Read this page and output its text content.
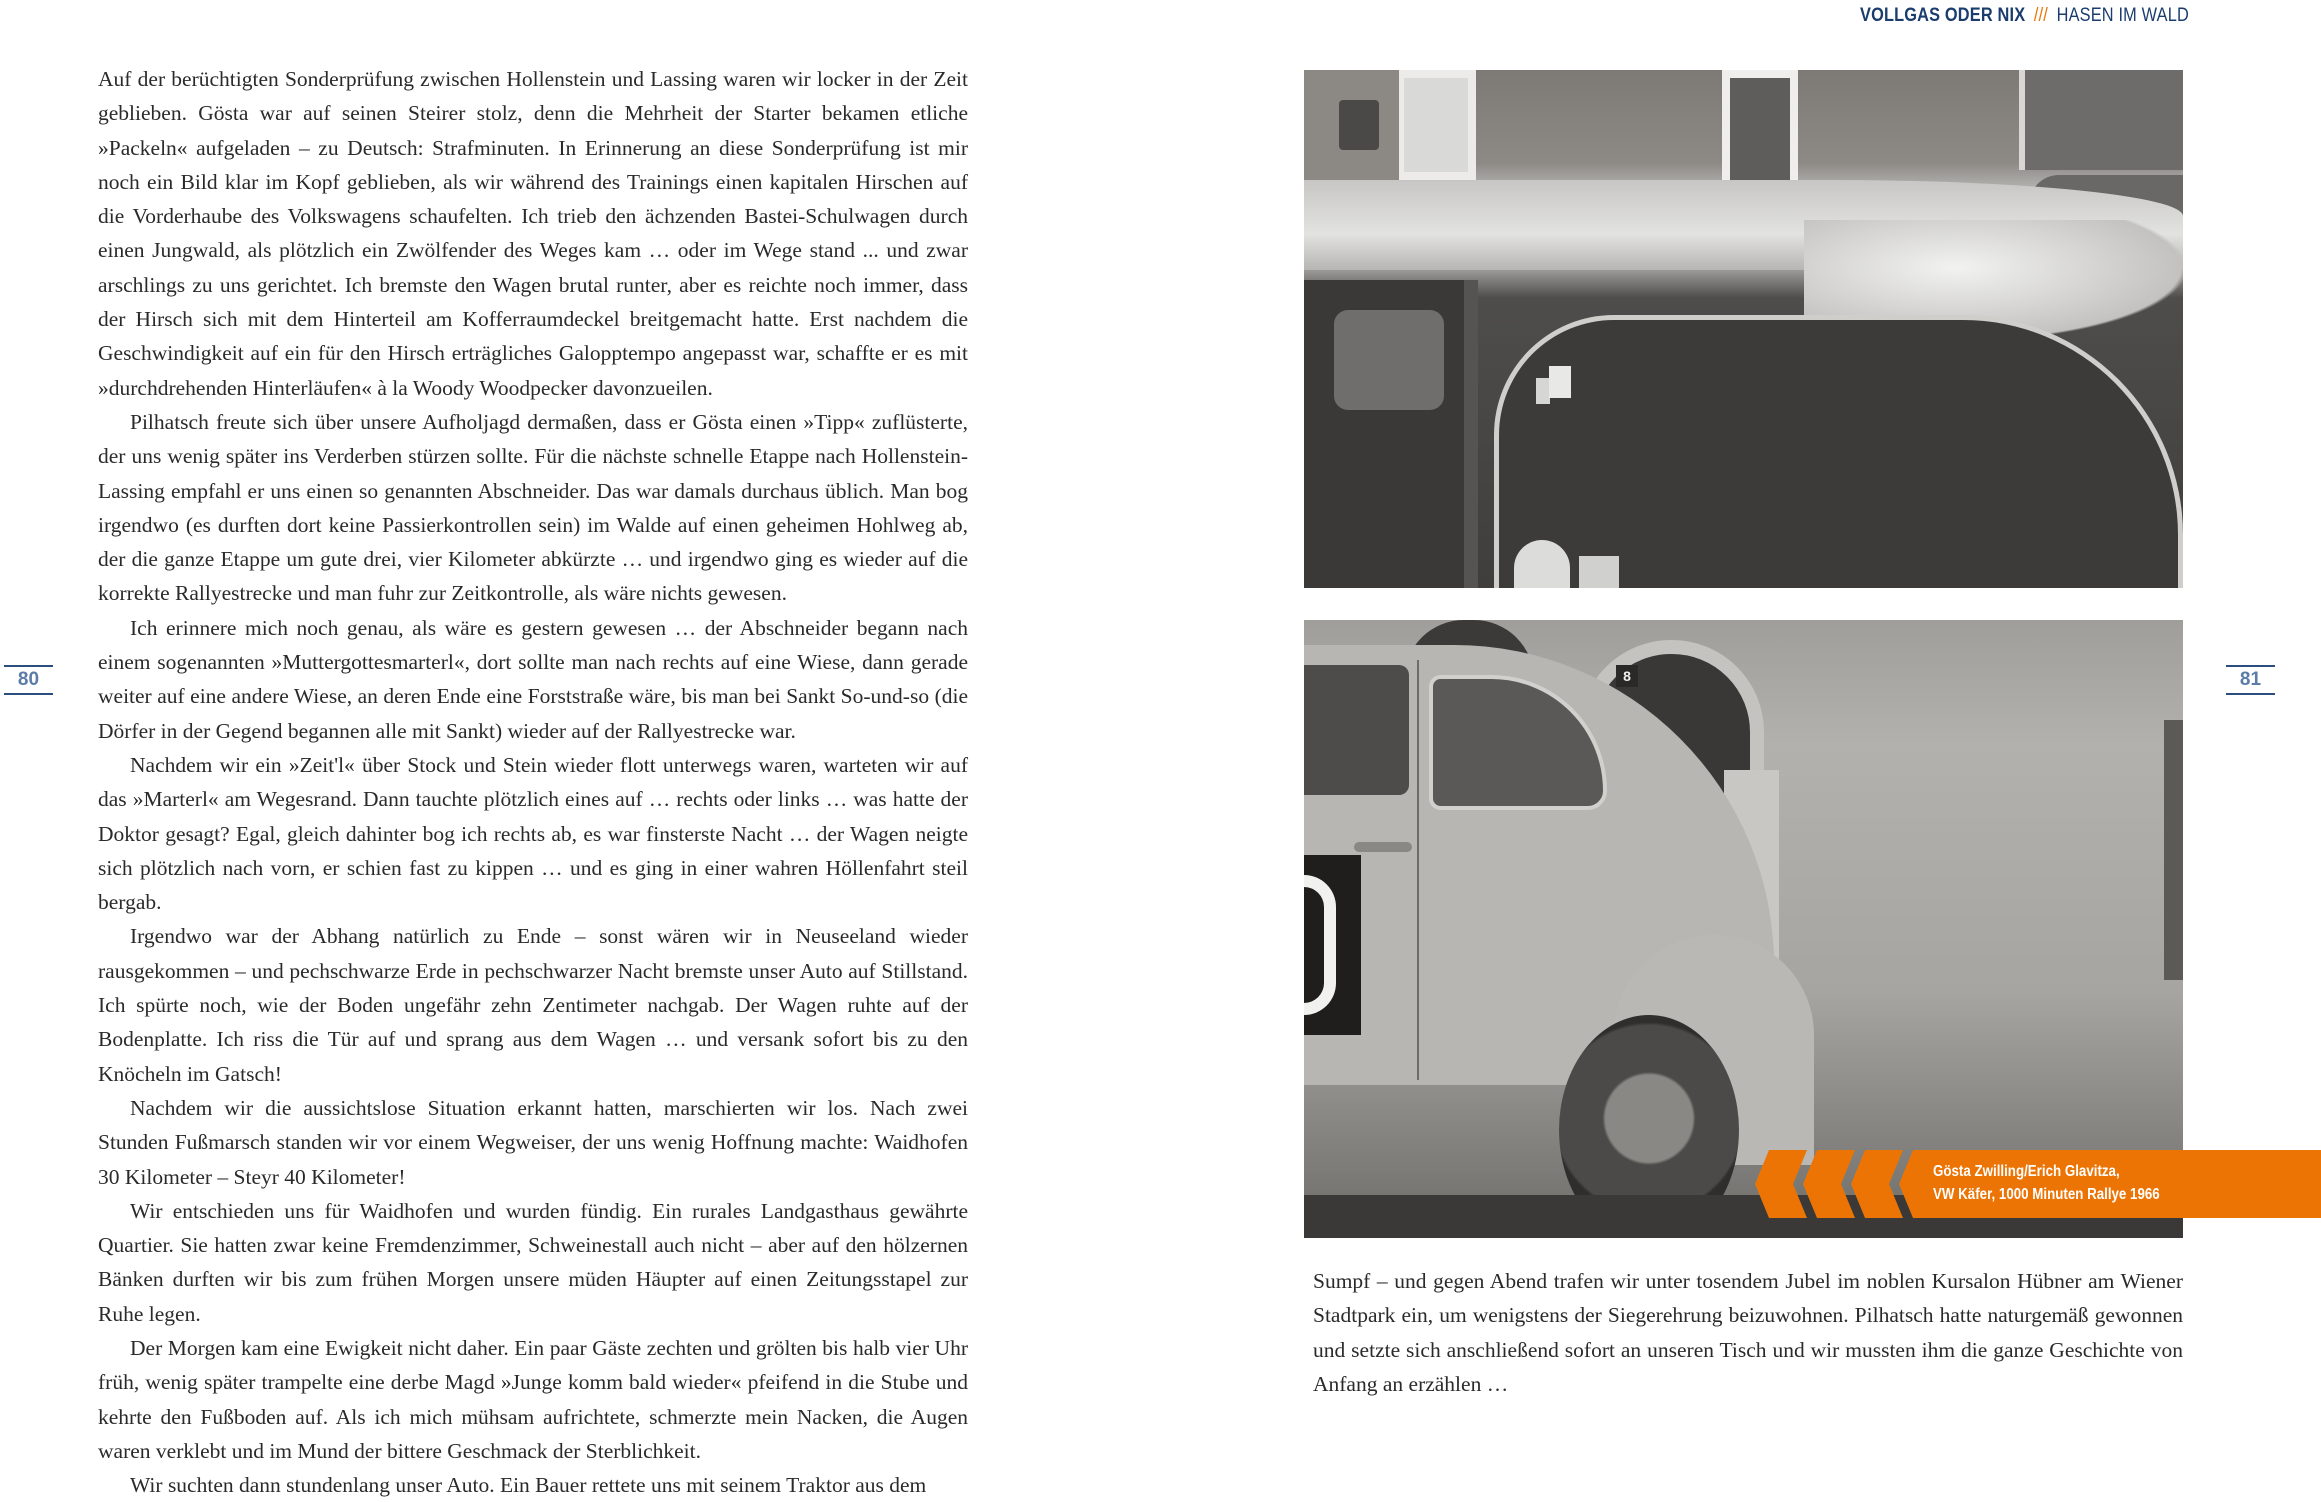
VOLLGAS ODER NIX /// HASEN IM WALD
80	81

Auf der berüchtigten Sonderprüfung zwischen Hollenstein und Lassing waren wir locker in der Zeit geblieben. Gösta war auf seinen Steirer stolz, denn die Mehrheit der Starter bekamen etliche »Packeln« aufgeladen – zu Deutsch: Strafminuten. In Erinnerung an diese Sonderprüfung ist mir noch ein Bild klar im Kopf geblieben, als wir während des Trainings einen kapitalen Hirschen auf die Vorderhaube des Volkswagens schaufelten. Ich trieb den ächzenden Bastei-Schulwagen durch einen Jungwald, als plötzlich ein Zwölfender des Weges kam … oder im Wege stand ... und zwar arschlings zu uns gerichtet. Ich bremste den Wagen brutal runter, aber es reichte noch immer, dass der Hirsch sich mit dem Hinterteil am Kofferraumdeckel breitgemacht hatte. Erst nachdem die Geschwindigkeit auf ein für den Hirsch erträgliches Galopptempo angepasst war, schaffte er es mit »durchdrehenden Hinterläufen« à la Woody Woodpecker davonzueilen.

Pilhatsch freute sich über unsere Aufholjagd dermaßen, dass er Gösta einen »Tipp« zuflüsterte, der uns wenig später ins Verderben stürzen sollte. Für die nächste schnelle Etappe nach Hollenstein-Lassing empfahl er uns einen so genannten Abschneider. Das war damals durchaus üblich. Man bog irgendwo (es durften dort keine Passierkontrollen sein) im Walde auf einen geheimen Hohlweg ab, der die ganze Etappe um gute drei, vier Kilometer abkürzte … und irgendwo ging es wieder auf die korrekte Rallyestrecke und man fuhr zur Zeitkontrolle, als wäre nichts gewesen.

Ich erinnere mich noch genau, als wäre es gestern gewesen … der Abschneider begann nach einem sogenannten »Muttergottesmarterl«, dort sollte man nach rechts auf eine Wiese, dann gerade weiter auf eine andere Wiese, an deren Ende eine Forststraße wäre, bis man bei Sankt So-und-so (die Dörfer in der Gegend begannen alle mit Sankt) wieder auf der Rallyestrecke war.

Nachdem wir ein »Zeit'l« über Stock und Stein wieder flott unterwegs waren, warteten wir auf das »Marterl« am Wegesrand. Dann tauchte plötzlich eines auf … rechts oder links … was hatte der Doktor gesagt? Egal, gleich dahinter bog ich rechts ab, es war finsterste Nacht … der Wagen neigte sich plötzlich nach vorn, er schien fast zu kippen … und es ging in einer wahren Höllenfahrt steil bergab.

Irgendwo war der Abhang natürlich zu Ende – sonst wären wir in Neuseeland wieder rausgekommen – und pechschwarze Erde in pechschwarzer Nacht bremste unser Auto auf Stillstand. Ich spürte noch, wie der Boden ungefähr zehn Zentimeter nachgab. Der Wagen ruhte auf der Bodenplatte. Ich riss die Tür auf und sprang aus dem Wagen … und versank sofort bis zu den Knöcheln im Gatsch!

Nachdem wir die aussichtslose Situation erkannt hatten, marschierten wir los. Nach zwei Stunden Fußmarsch standen wir vor einem Wegweiser, der uns wenig Hoffnung machte: Waidhofen 30 Kilometer – Steyr 40 Kilometer!

Wir entschieden uns für Waidhofen und wurden fündig. Ein rurales Landgasthaus gewährte Quartier. Sie hatten zwar keine Fremdenzimmer, Schweinestall auch nicht – aber auf den hölzernen Bänken durften wir bis zum frühen Morgen unsere müden Häupter auf einen Zeitungsstapel zur Ruhe legen.

Der Morgen kam eine Ewigkeit nicht daher. Ein paar Gäste zechten und grölten bis halb vier Uhr früh, wenig später trampelte eine derbe Magd »Junge komm bald wieder« pfeifend in die Stube und kehrte den Fußboden auf. Als ich mich mühsam aufrichtete, schmerzte mein Nacken, die Augen waren verklebt und im Mund der bittere Geschmack der Sterblichkeit.

Wir suchten dann stundenlang unser Auto. Ein Bauer rettete uns mit seinem Traktor aus dem

8
Gösta Zwilling/Erich Glavitza,
VW Käfer, 1000 Minuten Rallye 1966

Sumpf – und gegen Abend trafen wir unter tosendem Jubel im noblen Kursalon Hübner am Wiener Stadtpark ein, um wenigstens der Siegerehrung beizuwohnen. Pilhatsch hatte naturgemäß gewonnen und setzte sich anschließend sofort an unseren Tisch und wir mussten ihm die ganze Geschichte von Anfang an erzählen …
